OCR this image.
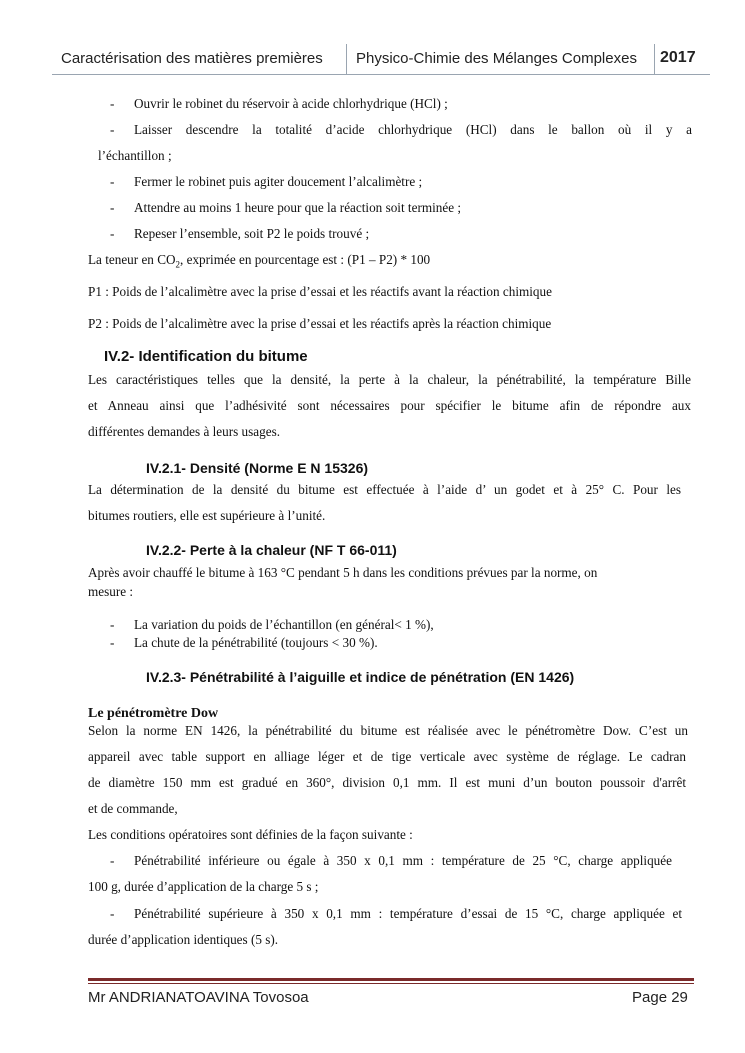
Caractérisation des matières premières Physico-Chimie des Mélanges Complexes 2017
- Ouvrir le robinet du réservoir à acide chlorhydrique (HCl) ;
- Laisser descendre la totalité d’acide chlorhydrique (HCl) dans le ballon où il y a
l’échantillon ;
- Fermer le robinet puis agiter doucement l’alcalimètre ;
- Attendre au moins 1 heure pour que la réaction soit terminée ;
- Repeser l’ensemble, soit P2 le poids trouvé ;
La teneur en $CO_2$, exprimée en pourcentage est : (P1 – P2) * 100
P1 : Poids de l’alcalimètre avec la prise d’essai et les réactifs avant la réaction chimique
P2 : Poids de l’alcalimètre avec la prise d’essai et les réactifs après la réaction chimique
IV.2- Identification du bitume
Les caractéristiques telles que la densité, la perte à la chaleur, la pénétrabilité, la température Bille
et Anneau ainsi que l’adhésivité sont nécessaires pour spécifier le bitume afin de répondre aux
différentes demandes à leurs usages.
IV.2.1- Densité (Norme E N 15326)
La détermination de la densité du bitume est effectuée à l’aide d’ un godet et à 25° C. Pour les
bitumes routiers, elle est supérieure à l’unité.
IV.2.2- Perte à la chaleur (NF T 66-011)
Après avoir chauffé le bitume à 163 °C pendant 5 h dans les conditions prévues par la norme, on
mesure :
- La variation du poids de l’échantillon (en général< 1 %),
- La chute de la pénétrabilité (toujours < 30 %).
IV.2.3- Pénétrabilité à l’aiguille et indice de pénétration (EN 1426)
Le pénétromètre Dow
Selon la norme EN 1426, la pénétrabilité du bitume est réalisée avec le pénétromètre Dow. C’est un
appareil avec table support en alliage léger et de tige verticale avec système de réglage. Le cadran
de diamètre 150 mm est gradué en 360°, division 0,1 mm. Il est muni d’un bouton poussoir d'arrêt
et de commande,
Les conditions opératoires sont définies de la façon suivante :
- Pénétrabilité inférieure ou égale à 350 x 0,1 mm : température de 25 °C, charge appliquée
100 g, durée d’application de la charge 5 s ;
- Pénétrabilité supérieure à 350 x 0,1 mm : température d’essai de 15 °C, charge appliquée et
durée d’application identiques (5 s).
Mr ANDRIANATOAVINA Tovosoa	Page 29
